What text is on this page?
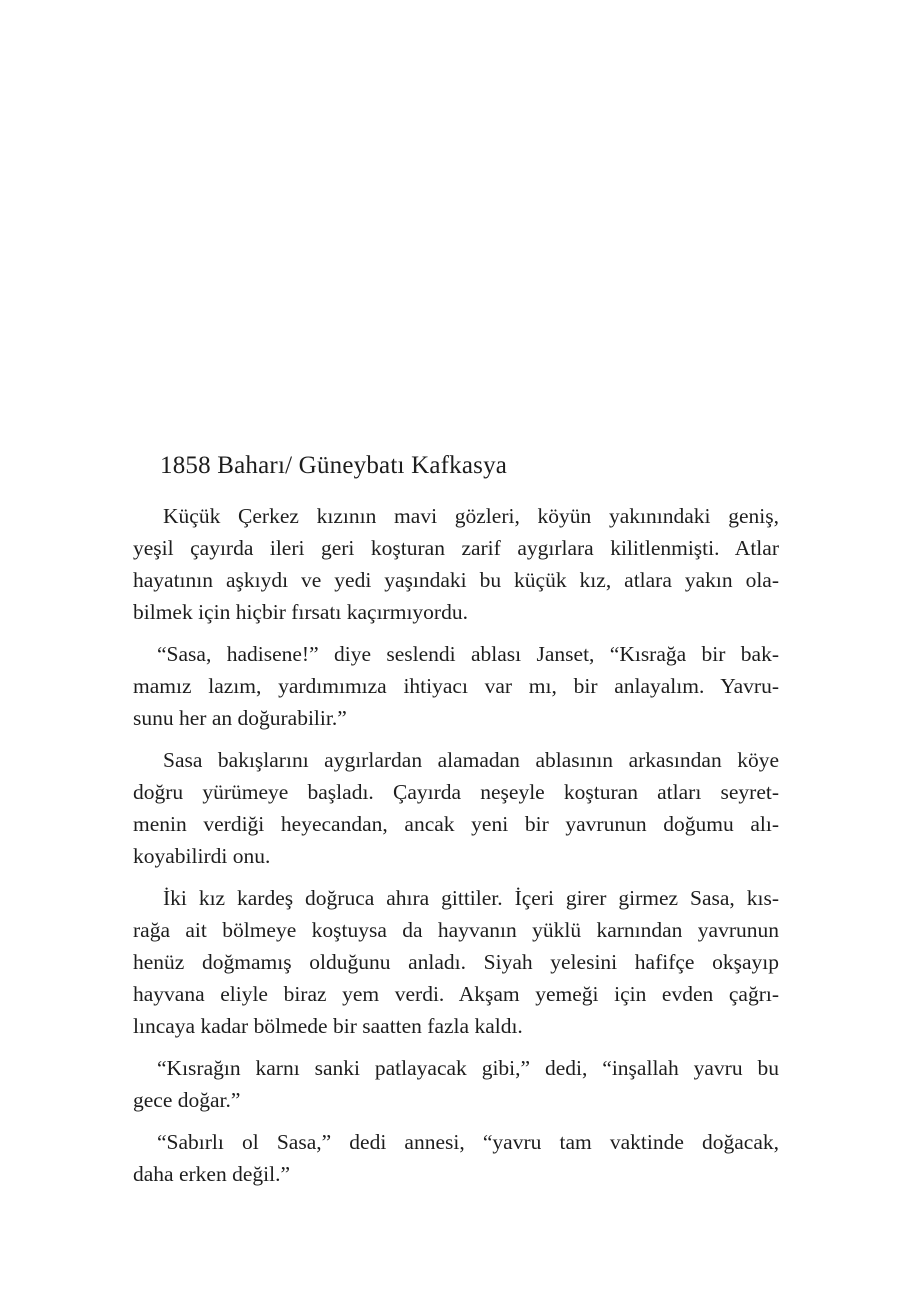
1858 Baharı/ Güneybatı Kafkasya

Küçük Çerkez kızının mavi gözleri, köyün yakınındaki geniş,
yeşil çayırda ileri geri koşturan zarif aygırlara kilitlenmişti. Atlar
hayatının aşkıydı ve yedi yaşındaki bu küçük kız, atlara yakın ola-
bilmek için hiçbir fırsatı kaçırmıyordu.

“Sasa, hadisene!” diye seslendi ablası Janset, “Kısrağa bir bak-
mamız lazım, yardımımıza ihtiyacı var mı, bir anlayalım. Yavru-
sunu her an doğurabilir.”

Sasa bakışlarını aygırlardan alamadan ablasının arkasından köye
doğru yürümeye başladı. Çayırda neşeyle koşturan atları seyret-
menin verdiği heyecandan, ancak yeni bir yavrunun doğumu alı-
koyabilirdi onu.

İki kız kardeş doğruca ahıra gittiler. İçeri girer girmez Sasa, kıs-
rağa ait bölmeye koştuysa da hayvanın yüklü karnından yavrunun
henüz doğmamış olduğunu anladı. Siyah yelesini hafifçe okşayıp
hayvana eliyle biraz yem verdi. Akşam yemeği için evden çağrı-
lıncaya kadar bölmede bir saatten fazla kaldı.

“Kısrağın karnı sanki patlayacak gibi,” dedi, “inşallah yavru bu
gece doğar.”

“Sabırlı ol Sasa,” dedi annesi, “yavru tam vaktinde doğacak,
daha erken değil.”
